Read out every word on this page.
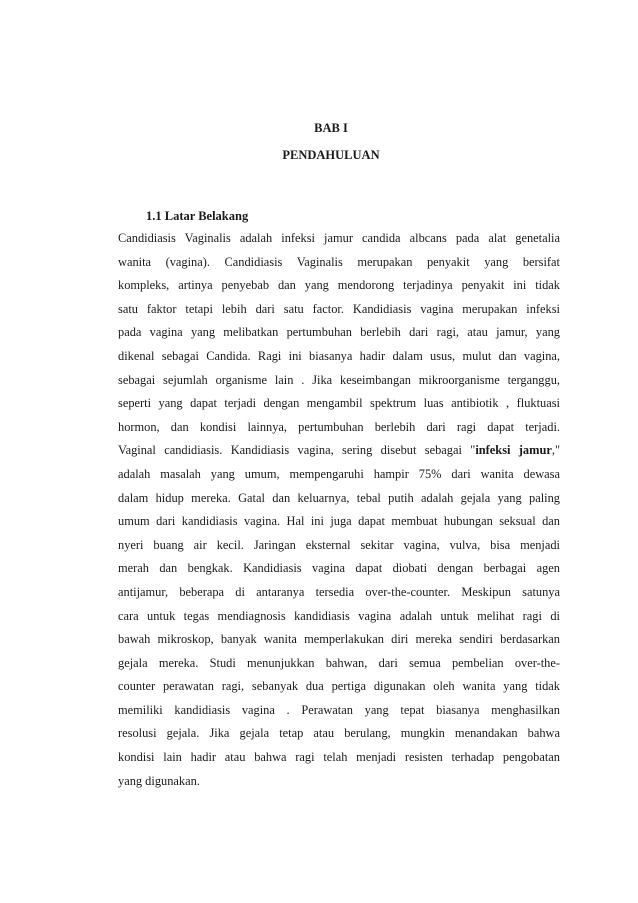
BAB I

PENDAHULUAN

1.1 Latar Belakang

Candidiasis Vaginalis adalah infeksi jamur candida albcans pada alat genetalia
wanita (vagina). Candidiasis Vaginalis merupakan penyakit yang bersifat
kompleks, artinya penyebab dan yang mendorong terjadinya penyakit ini tidak
satu faktor tetapi lebih dari satu factor. Kandidiasis vagina merupakan infeksi
pada vagina yang melibatkan pertumbuhan berlebih dari ragi, atau jamur, yang
dikenal sebagai Candida. Ragi ini biasanya hadir dalam usus, mulut dan vagina,
sebagai sejumlah organisme lain . Jika keseimbangan mikroorganisme terganggu,
seperti yang dapat terjadi dengan mengambil spektrum luas antibiotik , fluktuasi
hormon, dan kondisi lainnya, pertumbuhan berlebih dari ragi dapat terjadi.
Vaginal candidiasis. Kandidiasis vagina, sering disebut sebagai "infeksi jamur,"
adalah masalah yang umum, mempengaruhi hampir 75% dari wanita dewasa
dalam hidup mereka. Gatal dan keluarnya, tebal putih adalah gejala yang paling
umum dari kandidiasis vagina. Hal ini juga dapat membuat hubungan seksual dan
nyeri buang air kecil. Jaringan eksternal sekitar vagina, vulva, bisa menjadi
merah dan bengkak. Kandidiasis vagina dapat diobati dengan berbagai agen
antijamur, beberapa di antaranya tersedia over-the-counter. Meskipun satunya
cara untuk tegas mendiagnosis kandidiasis vagina adalah untuk melihat ragi di
bawah mikroskop, banyak wanita memperlakukan diri mereka sendiri berdasarkan
gejala mereka. Studi menunjukkan bahwan, dari semua pembelian over-the-
counter perawatan ragi, sebanyak dua pertiga digunakan oleh wanita yang tidak
memiliki kandidiasis vagina . Perawatan yang tepat biasanya menghasilkan
resolusi gejala. Jika gejala tetap atau berulang, mungkin menandakan bahwa
kondisi lain hadir atau bahwa ragi telah menjadi resisten terhadap pengobatan
yang digunakan.
